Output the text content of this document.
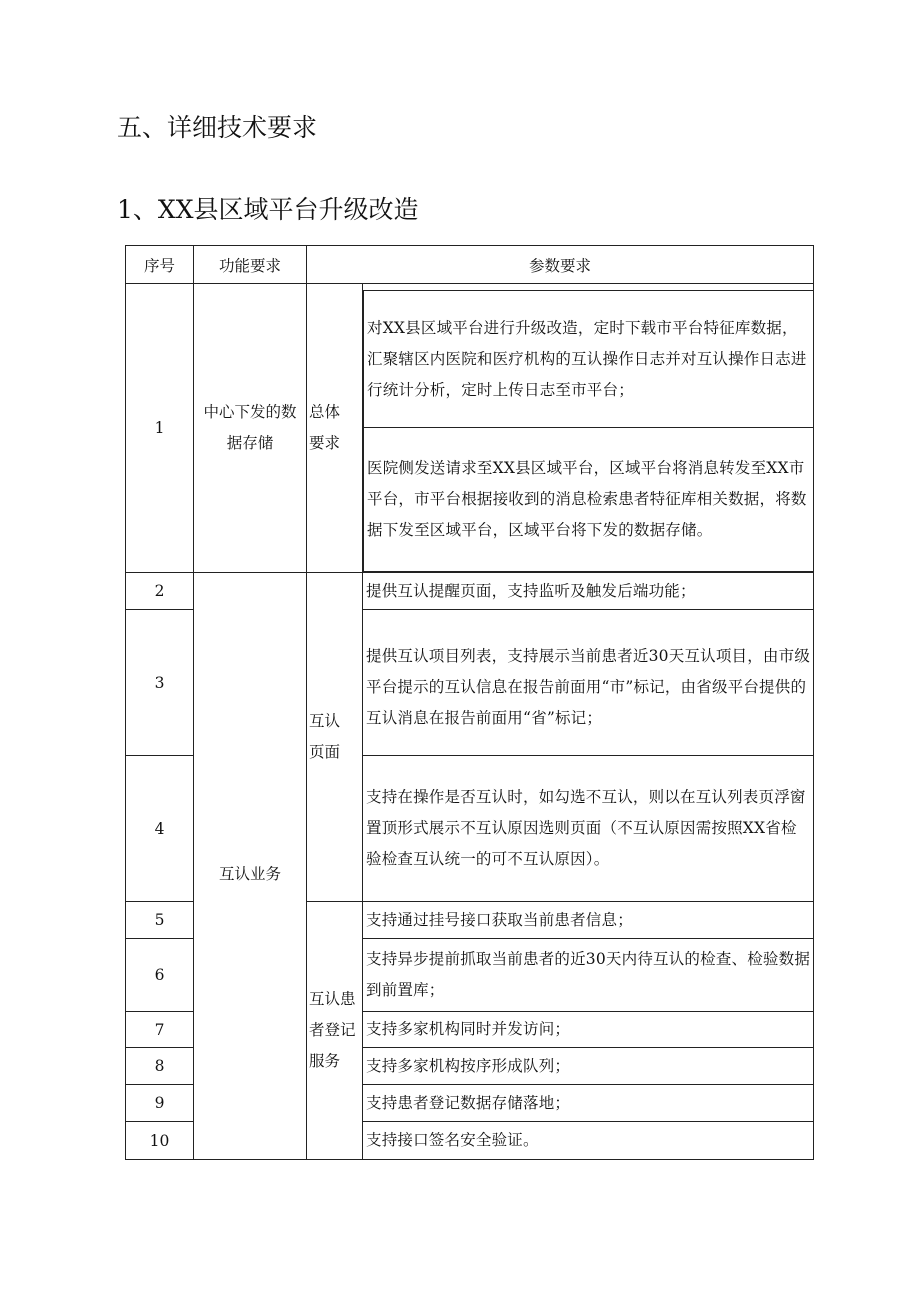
五、详细技术要求
1、XX县区域平台升级改造
序号	功能要求	参数要求
1
中心下发的数据存储
总体要求
对XX县区域平台进行升级改造，定时下载市平台特征库数据，汇聚辖区内医院和医疗机构的互认操作日志并对互认操作日志进行统计分析，定时上传日志至市平台；
医院侧发送请求至XX县区域平台，区域平台将消息转发至XX市平台，市平台根据接收到的消息检索患者特征库相关数据，将数据下发至区域平台，区域平台将下发的数据存储。
2
3
4
互认业务
互认页面
提供互认提醒页面，支持监听及触发后端功能；
提供互认项目列表，支持展示当前患者近30天互认项目，由市级平台提示的互认信息在报告前面用“市”标记，由省级平台提供的互认消息在报告前面用“省”标记；
支持在操作是否互认时，如勾选不互认，则以在互认列表页浮窗置顶形式展示不互认原因选则页面（不互认原因需按照XX省检验检查互认统一的可不互认原因）。
5
6
7
8
9
10
互认患者登记服务
支持通过挂号接口获取当前患者信息；
支持异步提前抓取当前患者的近30天内待互认的检查、检验数据到前置库；
支持多家机构同时并发访问；
支持多家机构按序形成队列；
支持患者登记数据存储落地；
支持接口签名安全验证。
